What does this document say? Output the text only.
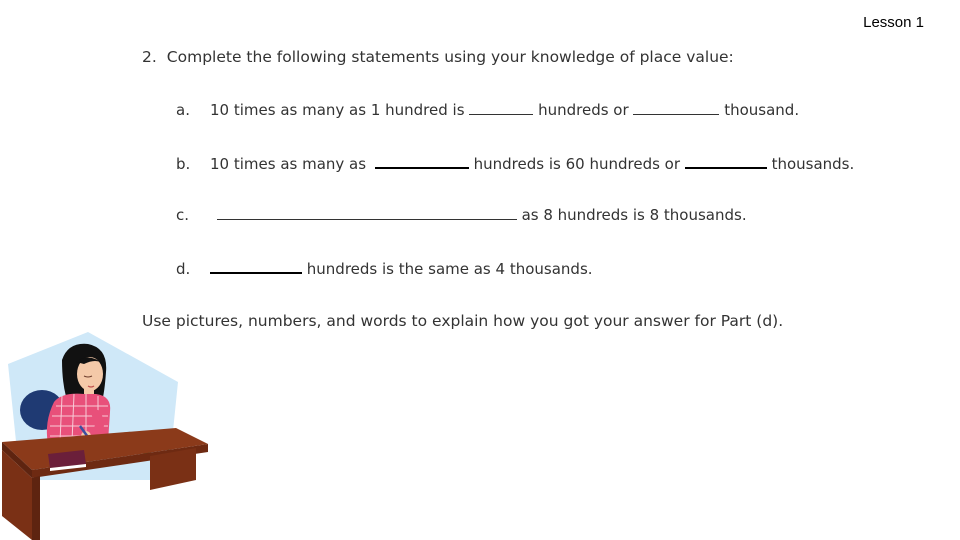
Lesson 1
2. Complete the following statements using your knowledge of place value:
a. 10 times as many as 1 hundred is	hundreds or	thousand.
b. 10 times as many as	hundreds is 60 hundreds or	thousands.
c.	as 8 hundreds is 8 thousands.
d.	hundreds is the same as 4 thousands.
Use pictures, numbers, and words to explain how you got your answer for Part (d).
